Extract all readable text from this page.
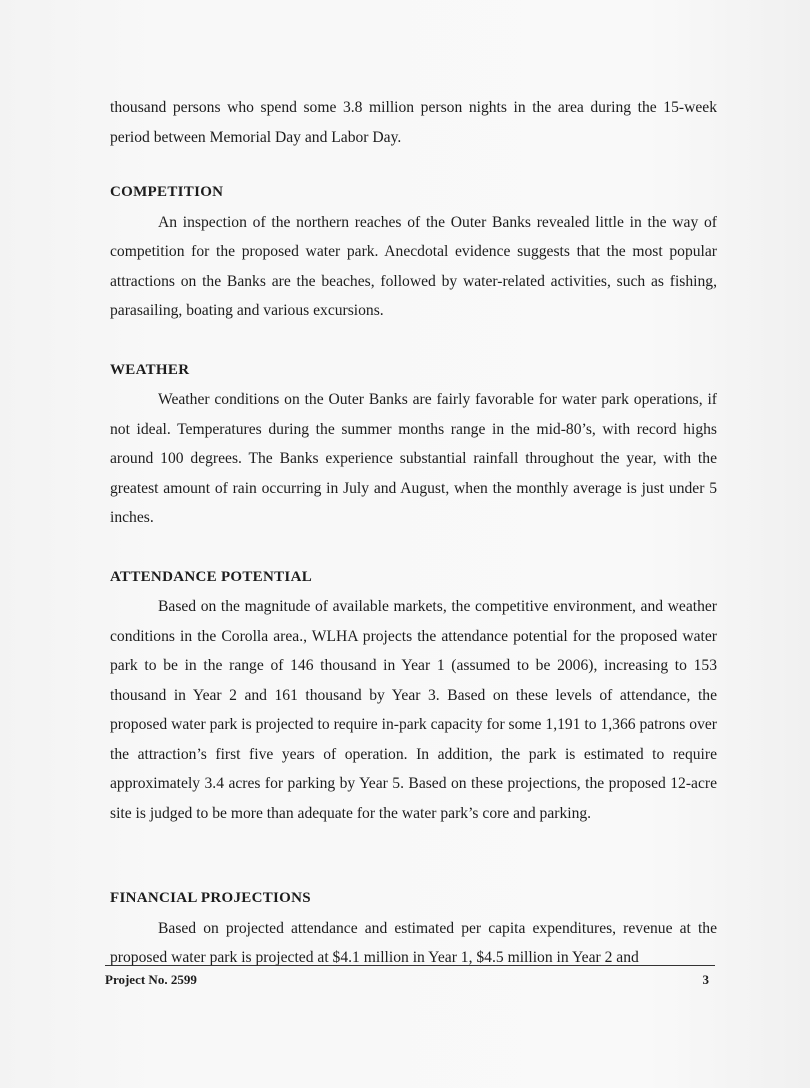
thousand persons who spend some 3.8 million person nights in the area during the 15-week period between Memorial Day and Labor Day.

COMPETITION

An inspection of the northern reaches of the Outer Banks revealed little in the way of competition for the proposed water park. Anecdotal evidence suggests that the most popular attractions on the Banks are the beaches, followed by water-related activities, such as fishing, parasailing, boating and various excursions.

WEATHER

Weather conditions on the Outer Banks are fairly favorable for water park operations, if not ideal. Temperatures during the summer months range in the mid-80’s, with record highs around 100 degrees. The Banks experience substantial rainfall throughout the year, with the greatest amount of rain occurring in July and August, when the monthly average is just under 5 inches.

ATTENDANCE POTENTIAL

Based on the magnitude of available markets, the competitive environment, and weather conditions in the Corolla area., WLHA projects the attendance potential for the proposed water park to be in the range of 146 thousand in Year 1 (assumed to be 2006), increasing to 153 thousand in Year 2 and 161 thousand by Year 3. Based on these levels of attendance, the proposed water park is projected to require in-park capacity for some 1,191 to 1,366 patrons over the attraction’s first five years of operation. In addition, the park is estimated to require approximately 3.4 acres for parking by Year 5. Based on these projections, the proposed 12-acre site is judged to be more than adequate for the water park’s core and parking.

FINANCIAL PROJECTIONS

Based on projected attendance and estimated per capita expenditures, revenue at the proposed water park is projected at $4.1 million in Year 1, $4.5 million in Year 2 and

Project No. 2599	3
